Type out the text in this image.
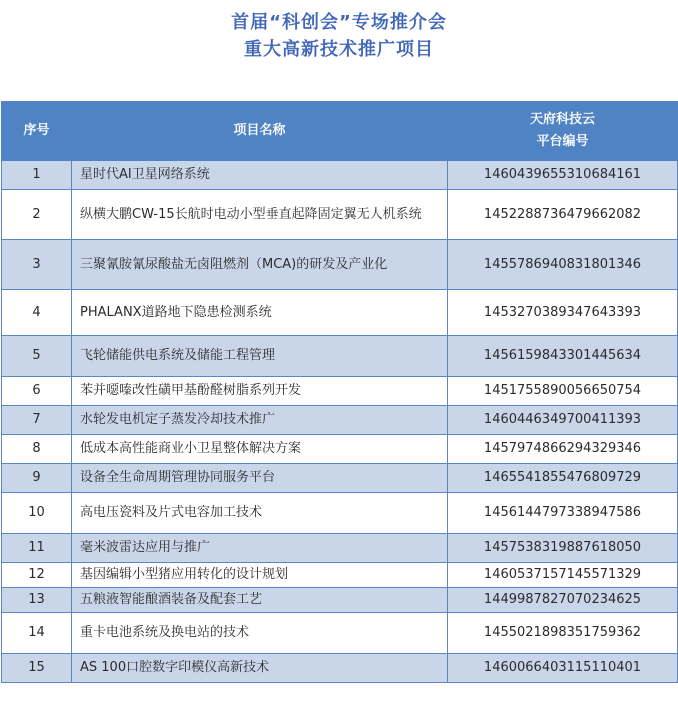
首届“科创会”专场推介会
重大高新技术推广项目
序号	项目名称	天府科技云
平台编号

1	星时代AI卫星网络系统	1460439655310684161
2	纵横大鹏CW-15长航时电动小型垂直起降固定翼无人机系统	1452288736479662082
3	三聚氰胺氰尿酸盐无卤阻燃剂（MCA)的研发及产业化	1455786940831801346
4	PHALANX道路地下隐患检测系统	1453270389347643393
5	飞轮储能供电系统及储能工程管理	1456159843301445634
6	苯并噁嗪改性磺甲基酚醛树脂系列开发	1451755890056650754
7	水轮发电机定子蒸发冷却技术推广	1460446349700411393
8	低成本高性能商业小卫星整体解决方案	1457974866294329346
9	设备全生命周期管理协同服务平台	1465541855476809729
10	高电压瓷料及片式电容加工技术	1456144797338947586
11	毫米波雷达应用与推广	1457538319887618050
12	基因编辑小型猪应用转化的设计规划	1460537157145571329
13	五粮液智能酿酒装备及配套工艺	1449987827070234625
14	重卡电池系统及换电站的技术	1455021898351759362
15	AS 100口腔数字印模仪高新技术	1460066403115110401
